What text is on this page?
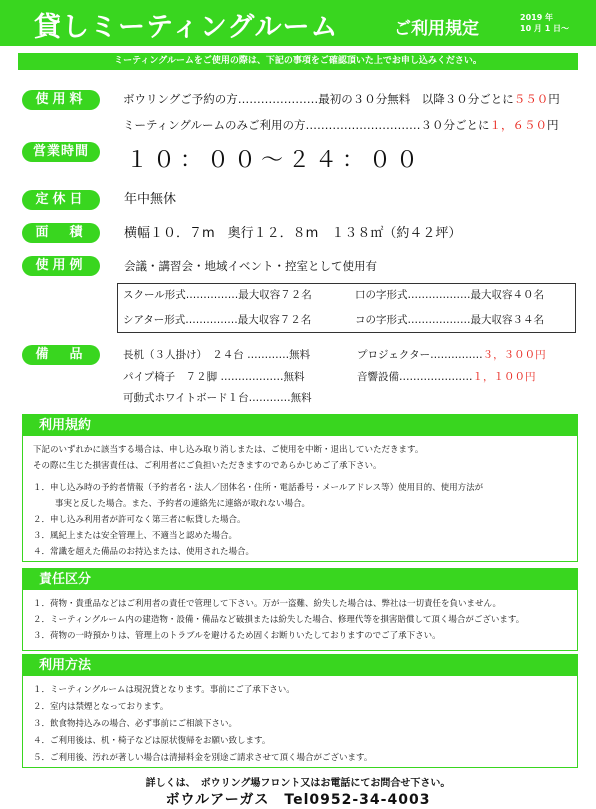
貸しミーティングルーム	ご利用規定
2019 年
10 月 1 日〜
ミーティングルームをご使用の際は、下記の事項をご確認頂いた上でお申し込みください。
使用料	ボウリングご予約の方…………………最初の３０分無料　以降３０分ごとに５５０円
ミーティングルームのみご利用の方…………………………３０分ごとに１，６５０円
営業時間	１０：００〜２４：００
定休日	年中無休
面　積	横幅１０．７m　奥行１２．８m　１３８㎡（約４２坪）
使用例	会議・講習会・地域イベント・控室として使用有
スクール形式……………最大収容７２名	口の字形式………………最大収容４０名
シアター形式……………最大収容７２名	コの字形式………………最大収容３４名
備　品	長机（３人掛け）　２４台 …………無料	プロジェクター……………３，３００円
パイプ椅子　７２脚 ………………無料	音響設備…………………１，１００円
可動式ホワイトボード１台…………無料
利用規約
下記のいずれかに該当する場合は、申し込み取り消しまたは、ご使用を中断・退出していただきます。
その際に生じた損害責任は、ご利用者にご負担いただきますのであらかじめご了承下さい。
１．申し込み時の予約者情報（予約者名・法人／団体名・住所・電話番号・メールアドレス等）使用目的、使用方法が
事実と反した場合。また、予約者の連絡先に連絡が取れない場合。
２．申し込み利用者が許可なく第三者に転貸した場合。
３．風紀上または安全管理上、不適当と認めた場合。
４．常識を超えた備品のお持込または、使用された場合。
責任区分
１．荷物・貴重品などはご利用者の責任で管理して下さい。万が一盗難、紛失した場合は、弊社は一切責任を負いません。
２．ミーティングルーム内の建造物・設備・備品など破損または紛失した場合、修理代等を損害賠償して頂く場合がございます。
３．荷物の一時預かりは、管理上のトラブルを避けるため固くお断りいたしておりますのでご了承下さい。
利用方法
１．ミーティングルームは現況貸となります。事前にご了承下さい。
２．室内は禁煙となっております。
３．飲食物持込みの場合、必ず事前にご相談下さい。
４．ご利用後は、机・椅子などは原状復帰をお願い致します。
５．ご利用後、汚れが著しい場合は清掃料金を別途ご請求させて頂く場合がございます。
詳しくは、　ボウリング場フロント又はお電話にてお問合せ下さい。
ボウルアーガス　Tel0952-34-4003
